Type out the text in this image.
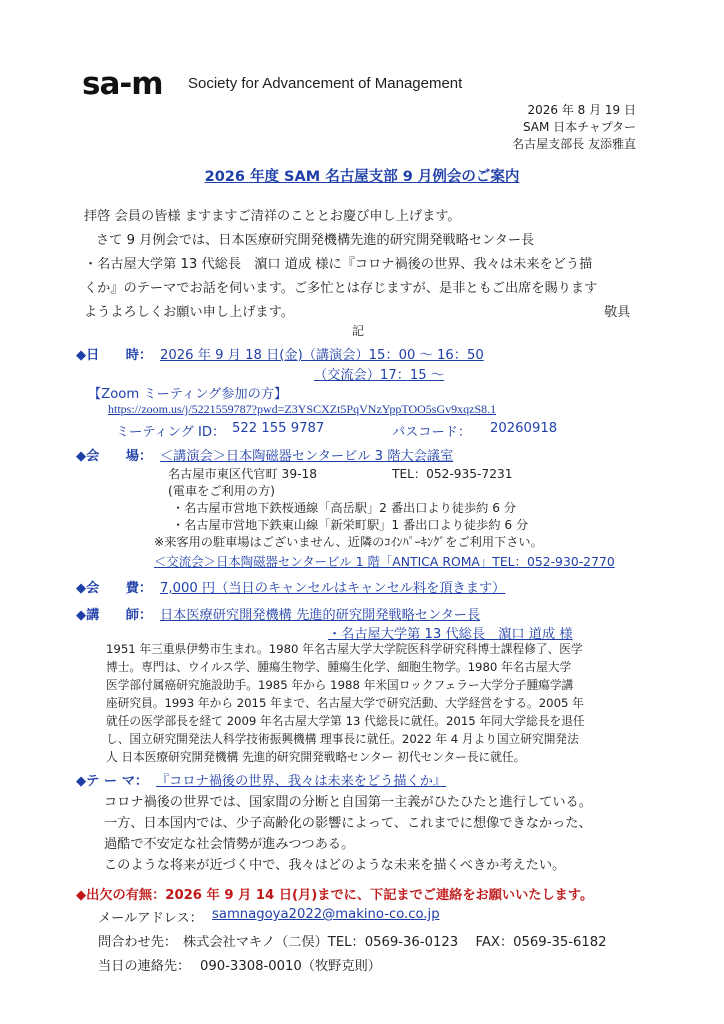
sa-m Society for Advancement of Management
2026 年 8 月 19 日
SAM 日本チャプター
名古屋支部長 友添雅直
2026 年度 SAM 名古屋支部 9 月例会のご案内
拝啓 会員の皆様 ますますご清祥のこととお慶び申し上げます。
さて 9 月例会では、日本医療研究開発機構先進的研究開発戦略センター長
・名古屋大学第 13 代総長　濵口 道成 様に『コロナ禍後の世界、我々は未来をどう描
くか』のテーマでお話を伺います。ご多忙とは存じますが、是非ともご出席を賜ります
ようよろしくお願い申し上げます。	敬具
記
◆日　　時： 2026 年 9 月 18 日(金)（講演会）15：00 ～ 16：50
（交流会）17：15 ～
【Zoom ミーティング参加の方】
https://zoom.us/j/5221559787?pwd=Z3YSCXZt5PqVNzYppTOO5sGv9xqzS8.1
ミーティング ID： 522 155 9787	パスコード： 20260918
◆会　　場： ＜講演会＞日本陶磁器センタービル 3 階大会議室
名古屋市東区代官町 39-18	TEL：052-935-7231
(電車をご利用の方)
・名古屋市営地下鉄桜通線「高岳駅」2 番出口より徒歩約 6 分
・名古屋市営地下鉄東山線「新栄町駅」1 番出口より徒歩約 6 分
※来客用の駐車場はございません、近隣のｺｲﾝﾊﾟｰｷﾝｸﾞをご利用下さい。
＜交流会＞日本陶磁器センタービル 1 階「ANTICA ROMA」TEL：052-930-2770
◆会　　費： 7,000 円（当日のキャンセルはキャンセル料を頂きます）
◆講　　師： 日本医療研究開発機構 先進的研究開発戦略センター長
・名古屋大学第 13 代総長　濵口 道成 様
1951 年三重県伊勢市生まれ。1980 年名古屋大学大学院医科学研究科博士課程修了、医学
博士。専門は、ウイルス学、腫瘍生物学、腫瘍生化学、細胞生物学。1980 年名古屋大学
医学部付属癌研究施設助手。1985 年から 1988 年米国ロックフェラー大学分子腫瘍学講
座研究員。1993 年から 2015 年まで、名古屋大学で研究活動、大学経営をする。2005 年
就任の医学部長を経て 2009 年名古屋大学第 13 代総長に就任。2015 年同大学総長を退任
し、国立研究開発法人科学技術振興機構 理事長に就任。2022 年 4 月より国立研究開発法
人 日本医療研究開発機構 先進的研究開発戦略センター 初代センター長に就任。
◆テ ー マ： 『コロナ禍後の世界、我々は未来をどう描くか』
コロナ禍後の世界では、国家間の分断と自国第一主義がひたひたと進行している。
一方、日本国内では、少子高齢化の影響によって、これまでに想像できなかった、
過酷で不安定な社会情勢が進みつつある。
このような将来が近づく中で、我々はどのような未来を描くべきか考えたい。
◆出欠の有無：2026 年 9 月 14 日(月)までに、下記までご連絡をお願いいたします。
メールアドレス： samnagoya2022@makino-co.co.jp
問合わせ先： 株式会社マキノ（二俣）TEL：0569-36-0123　 FAX：0569-35-6182
当日の連絡先： 090-3308-0010（牧野克則）
